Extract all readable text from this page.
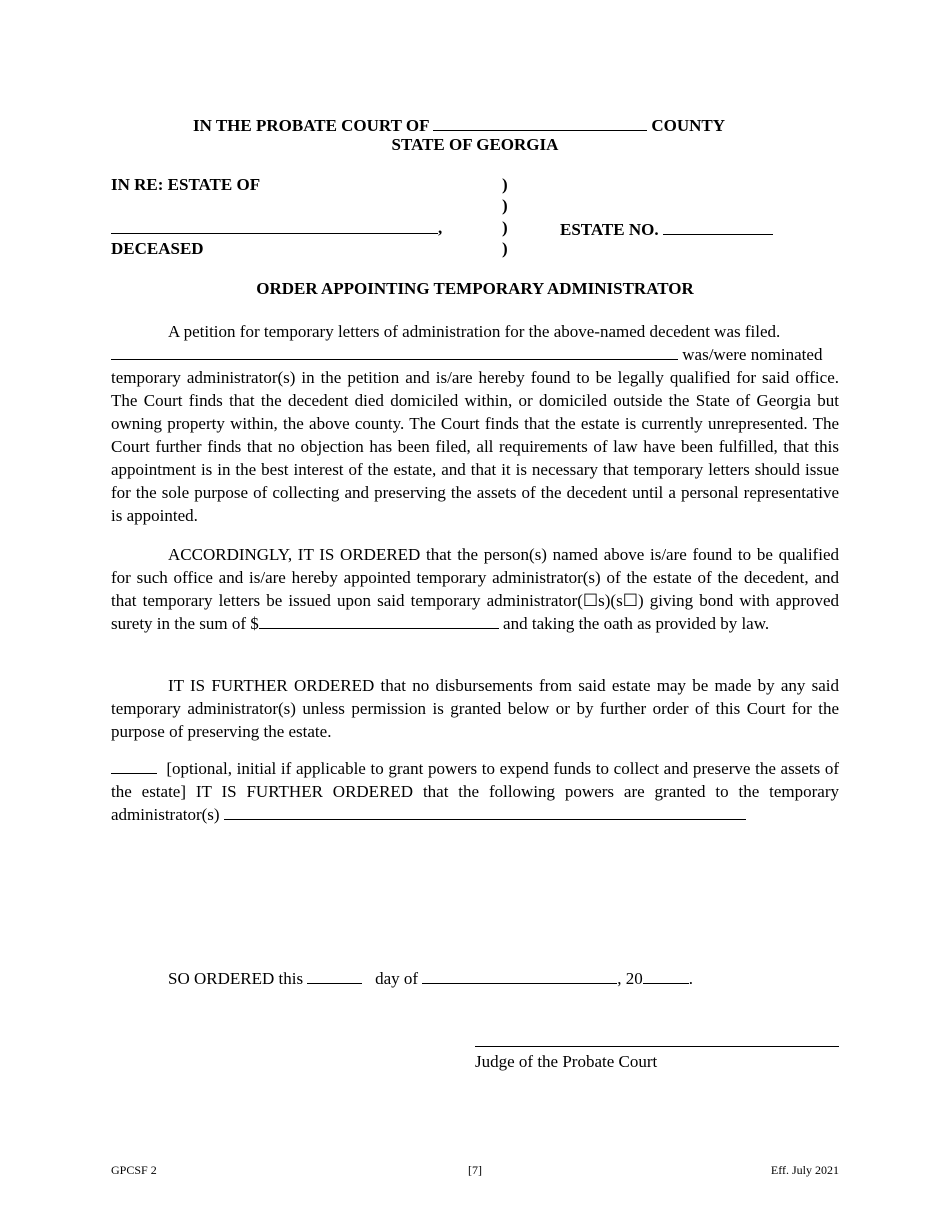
IN THE PROBATE COURT OF	COUNTY
STATE OF GEORGIA
IN RE: ESTATE OF	)
)
,	)	ESTATE NO.
DECEASED	)
ORDER APPOINTING TEMPORARY ADMINISTRATOR

A petition for temporary letters of administration for the above-named decedent was filed.

was/were nominated

temporary administrator(s) in the petition and is/are hereby found to be legally qualified for said office. The Court finds that the decedent died domiciled within, or domiciled outside the State of Georgia but owning property within, the above county. The Court finds that the estate is currently unrepresented. The Court further finds that no objection has been filed, all requirements of law have been fulfilled, that this appointment is in the best interest of the estate, and that it is necessary that temporary letters should issue for the sole purpose of collecting and preserving the assets of the decedent until a personal representative is appointed.

ACCORDINGLY, IT IS ORDERED that the person(s) named above is/are found to be qualified for such office and is/are hereby appointed temporary administrator(s) of the estate of the decedent, and that temporary letters be issued upon said temporary administrator(☐s)(s☐) giving bond with approved surety in the sum of $	and taking the oath as provided by law.

IT IS FURTHER ORDERED that no disbursements from said estate may be made by any said temporary administrator(s) unless permission is granted below or by further order of this Court for the purpose of preserving the estate.

[optional, initial if applicable to grant powers to expend funds to collect and preserve the assets of the estate] IT IS FURTHER ORDERED that the following powers are granted to the temporary administrator(s)

SO ORDERED this	day of	, 20	.
Judge of the Probate Court
GPCSF 2	[7]	Eff. July 2021
